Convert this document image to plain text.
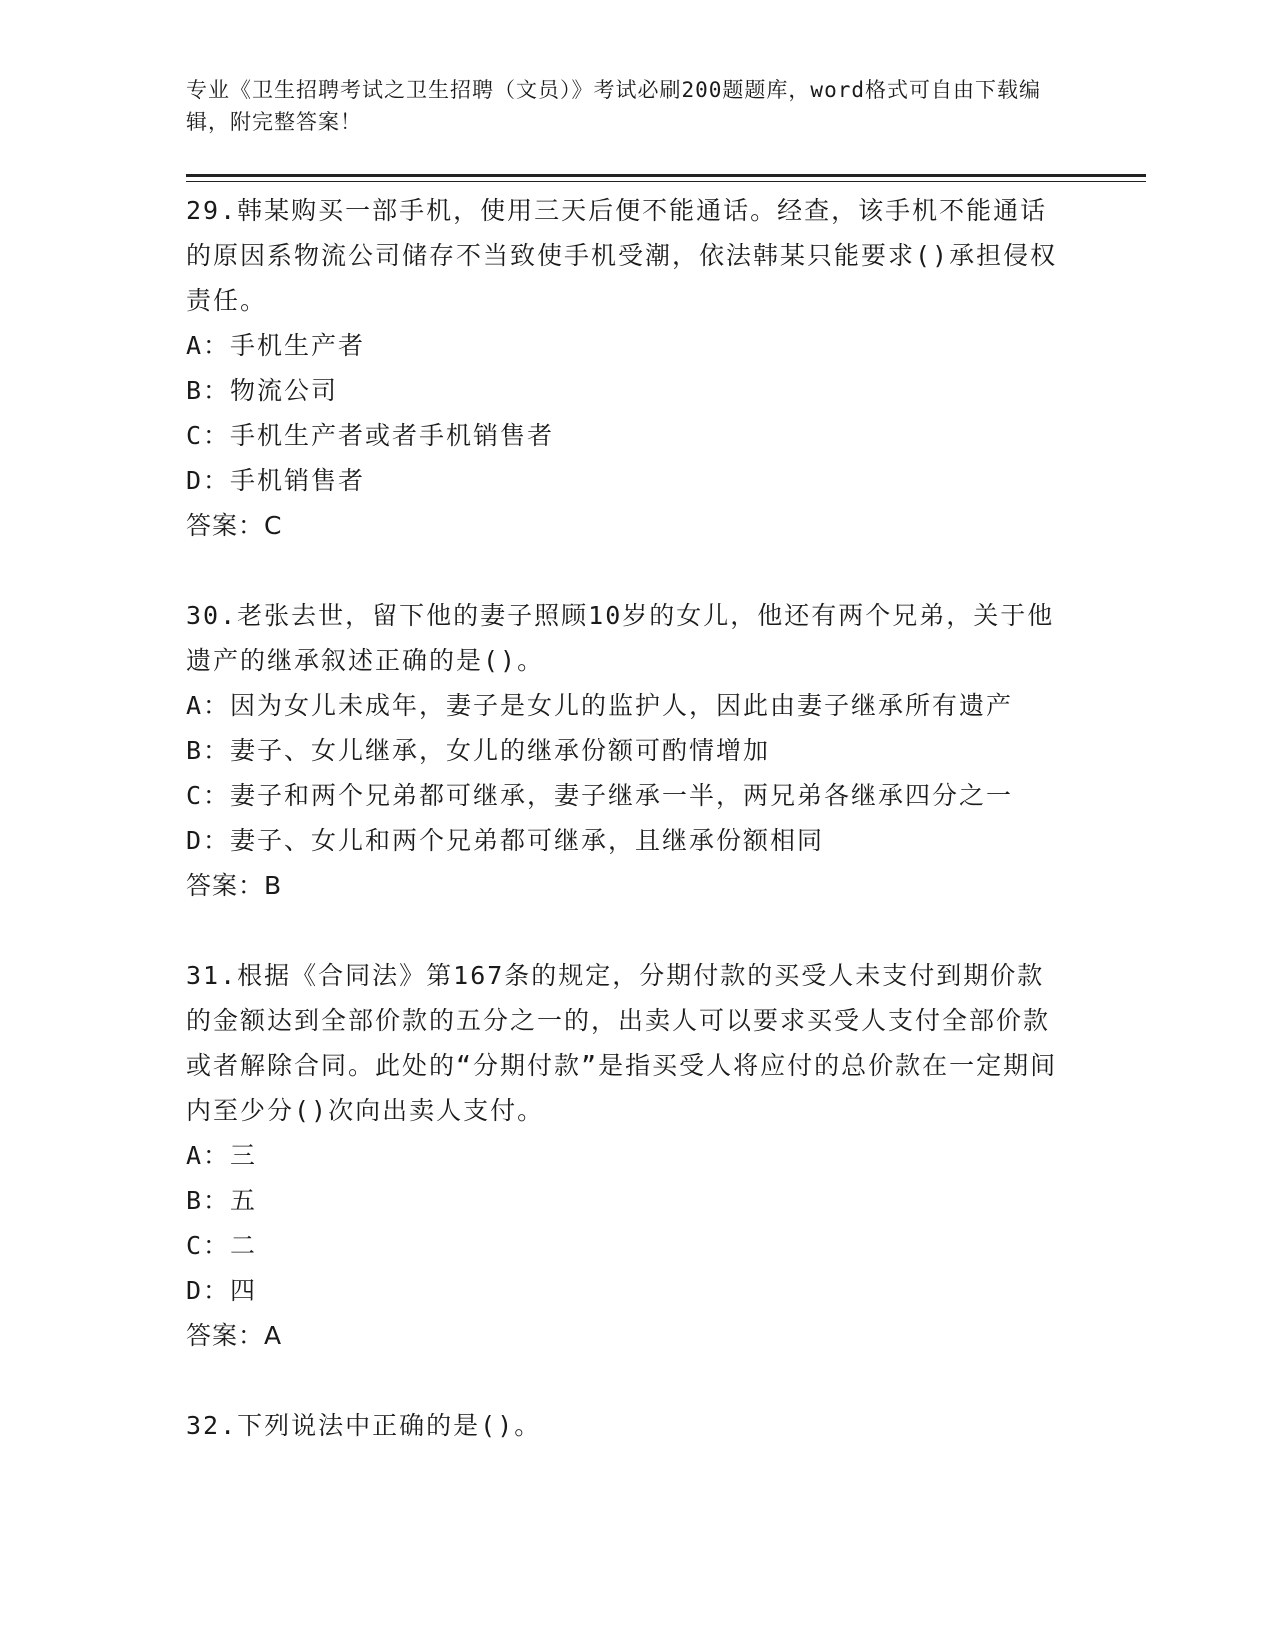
专业《卫生招聘考试之卫生招聘（文员）》考试必刷200题题库，word格式可自由下载编辑，附完整答案！

29.韩某购买一部手机，使用三天后便不能通话。经查，该手机不能通话的原因系物流公司储存不当致使手机受潮，依法韩某只能要求()承担侵权责任。

A：手机生产者

B：物流公司

C：手机生产者或者手机销售者

D：手机销售者

答案：C

30.老张去世，留下他的妻子照顾10岁的女儿，他还有两个兄弟，关于他遗产的继承叙述正确的是()。

A：因为女儿未成年，妻子是女儿的监护人，因此由妻子继承所有遗产

B：妻子、女儿继承，女儿的继承份额可酌情增加

C：妻子和两个兄弟都可继承，妻子继承一半，两兄弟各继承四分之一

D：妻子、女儿和两个兄弟都可继承，且继承份额相同

答案：B

31.根据《合同法》第167条的规定，分期付款的买受人未支付到期价款的金额达到全部价款的五分之一的，出卖人可以要求买受人支付全部价款或者解除合同。此处的“分期付款”是指买受人将应付的总价款在一定期间内至少分()次向出卖人支付。

A：三

B：五

C：二

D：四

答案：A

32.下列说法中正确的是()。
